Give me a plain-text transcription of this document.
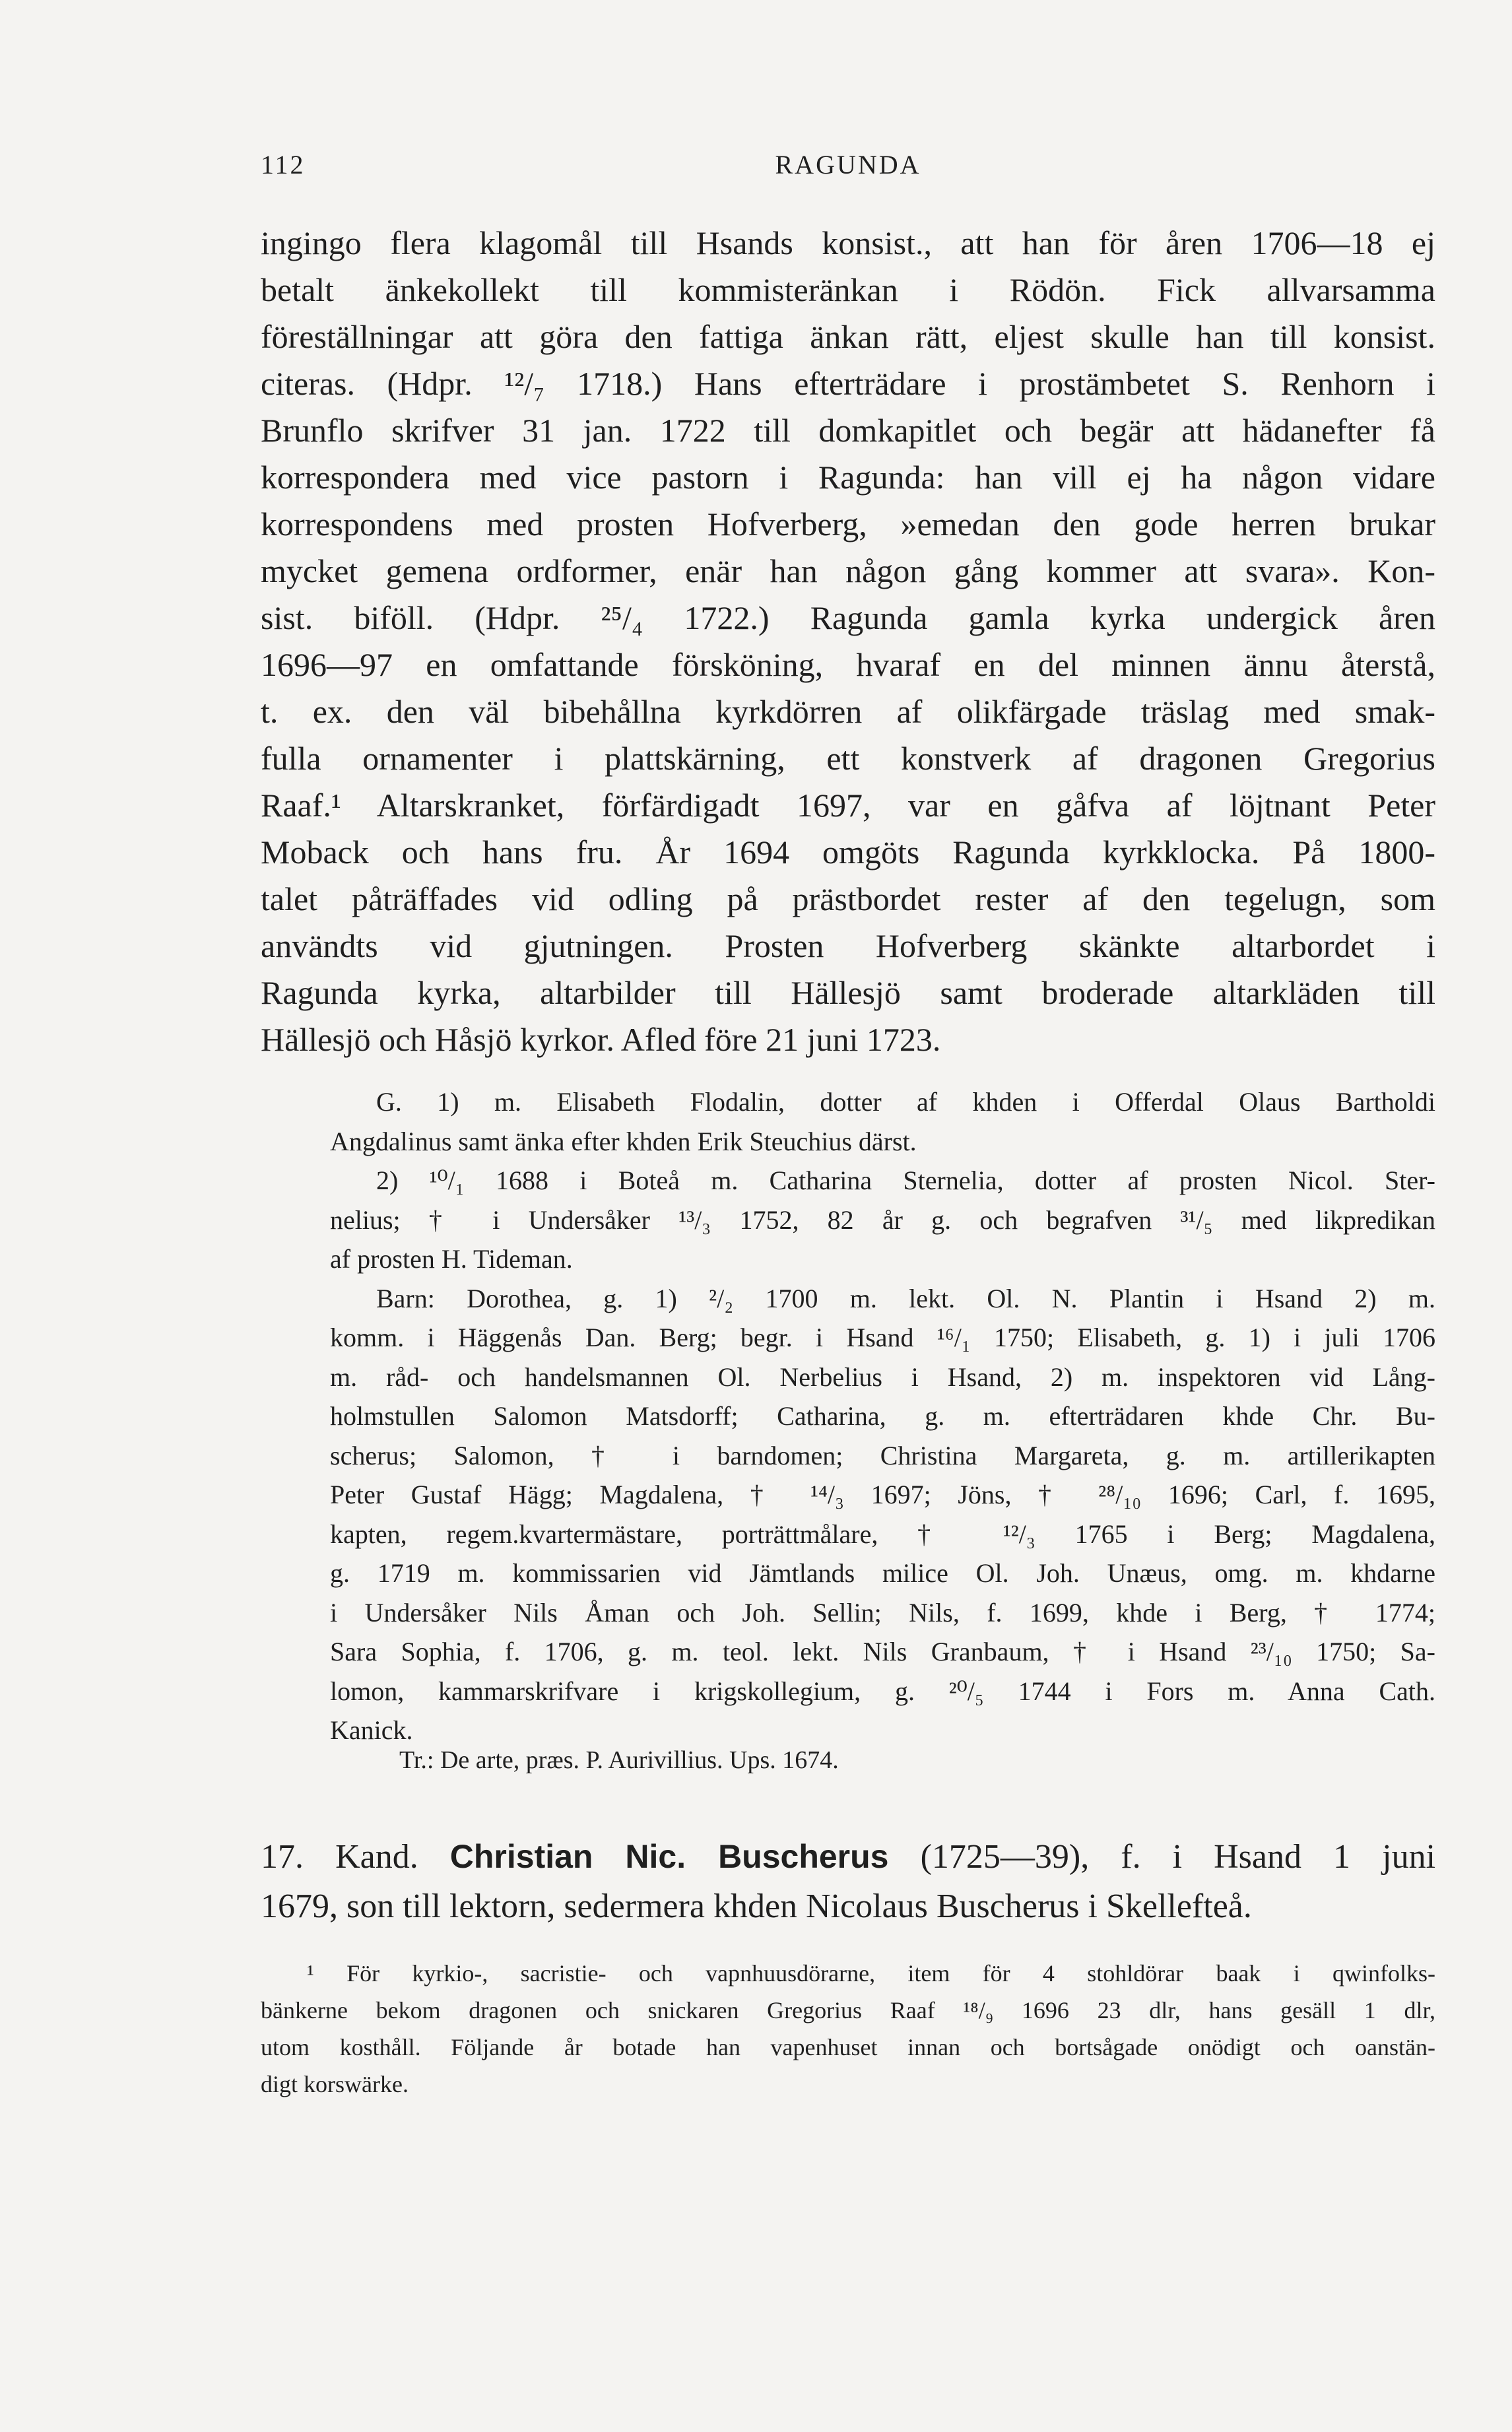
112	RAGUNDA
ingingo flera klagomål till Hsands konsist., att han för åren 1706—18 ej
betalt änkekollekt till kommisteränkan i Rödön. Fick allvarsamma
föreställningar att göra den fattiga änkan rätt, eljest skulle han till konsist.
citeras. (Hdpr. ¹²/₇ 1718.) Hans efterträdare i prostämbetet S. Renhorn i
Brunflo skrifver 31 jan. 1722 till domkapitlet och begär att hädanefter få
korrespondera med vice pastorn i Ragunda: han vill ej ha någon vidare
korrespondens med prosten Hofverberg, »emedan den gode herren brukar
mycket gemena ordformer, enär han någon gång kommer att svara». Kon-
sist. biföll. (Hdpr. ²⁵/₄ 1722.) Ragunda gamla kyrka undergick åren
1696—97 en omfattande försköning, hvaraf en del minnen ännu återstå,
t. ex. den väl bibehållna kyrkdörren af olikfärgade träslag med smak-
fulla ornamenter i plattskärning, ett konstverk af dragonen Gregorius
Raaf.¹ Altarskranket, förfärdigadt 1697, var en gåfva af löjtnant Peter
Moback och hans fru. År 1694 omgöts Ragunda kyrkklocka. På 1800-
talet påträffades vid odling på prästbordet rester af den tegelugn, som
användts vid gjutningen. Prosten Hofverberg skänkte altarbordet i
Ragunda kyrka, altarbilder till Hällesjö samt broderade altarkläden till
Hällesjö och Håsjö kyrkor. Afled före 21 juni 1723.
G. 1) m. Elisabeth Flodalin, dotter af khden i Offerdal Olaus Bartholdi
Angdalinus samt änka efter khden Erik Steuchius därst.
2) ¹⁰/₁ 1688 i Boteå m. Catharina Sternelia, dotter af prosten Nicol. Ster-
nelius; † i Undersåker ¹³/₃ 1752, 82 år g. och begrafven ³¹/₅ med likpredikan
af prosten H. Tideman.
Barn: Dorothea, g. 1) ²/₂ 1700 m. lekt. Ol. N. Plantin i Hsand 2) m.
komm. i Häggenås Dan. Berg; begr. i Hsand ¹⁶/₁ 1750; Elisabeth, g. 1) i juli 1706
m. råd- och handelsmannen Ol. Nerbelius i Hsand, 2) m. inspektoren vid Lång-
holmstullen Salomon Matsdorff; Catharina, g. m. efterträdaren khde Chr. Bu-
scherus; Salomon, † i barndomen; Christina Margareta, g. m. artillerikapten
Peter Gustaf Hägg; Magdalena, † ¹⁴/₃ 1697; Jöns, † ²⁸/₁₀ 1696; Carl, f. 1695,
kapten, regem.kvartermästare, porträttmålare, † ¹²/₃ 1765 i Berg; Magdalena,
g. 1719 m. kommissarien vid Jämtlands milice Ol. Joh. Unæus, omg. m. khdarne
i Undersåker Nils Åman och Joh. Sellin; Nils, f. 1699, khde i Berg, † 1774;
Sara Sophia, f. 1706, g. m. teol. lekt. Nils Granbaum, † i Hsand ²³/₁₀ 1750; Sa-
lomon, kammarskrifvare i krigskollegium, g. ²⁰/₅ 1744 i Fors m. Anna Cath.
Kanick.
Tr.: De arte, præs. P. Aurivillius. Ups. 1674.
17. Kand. Christian Nic. Buscherus (1725—39), f. i Hsand 1 juni
1679, son till lektorn, sedermera khden Nicolaus Buscherus i Skellefteå.
¹ För kyrkio-, sacristie- och vapnhuusdörarne, item för 4 stohldörar baak i qwinfolks-
bänkerne bekom dragonen och snickaren Gregorius Raaf ¹⁸/₉ 1696 23 dlr, hans gesäll 1 dlr,
utom kosthåll. Följande år botade han vapenhuset innan och bortsågade onödigt och oanstän-
digt korswärke.
